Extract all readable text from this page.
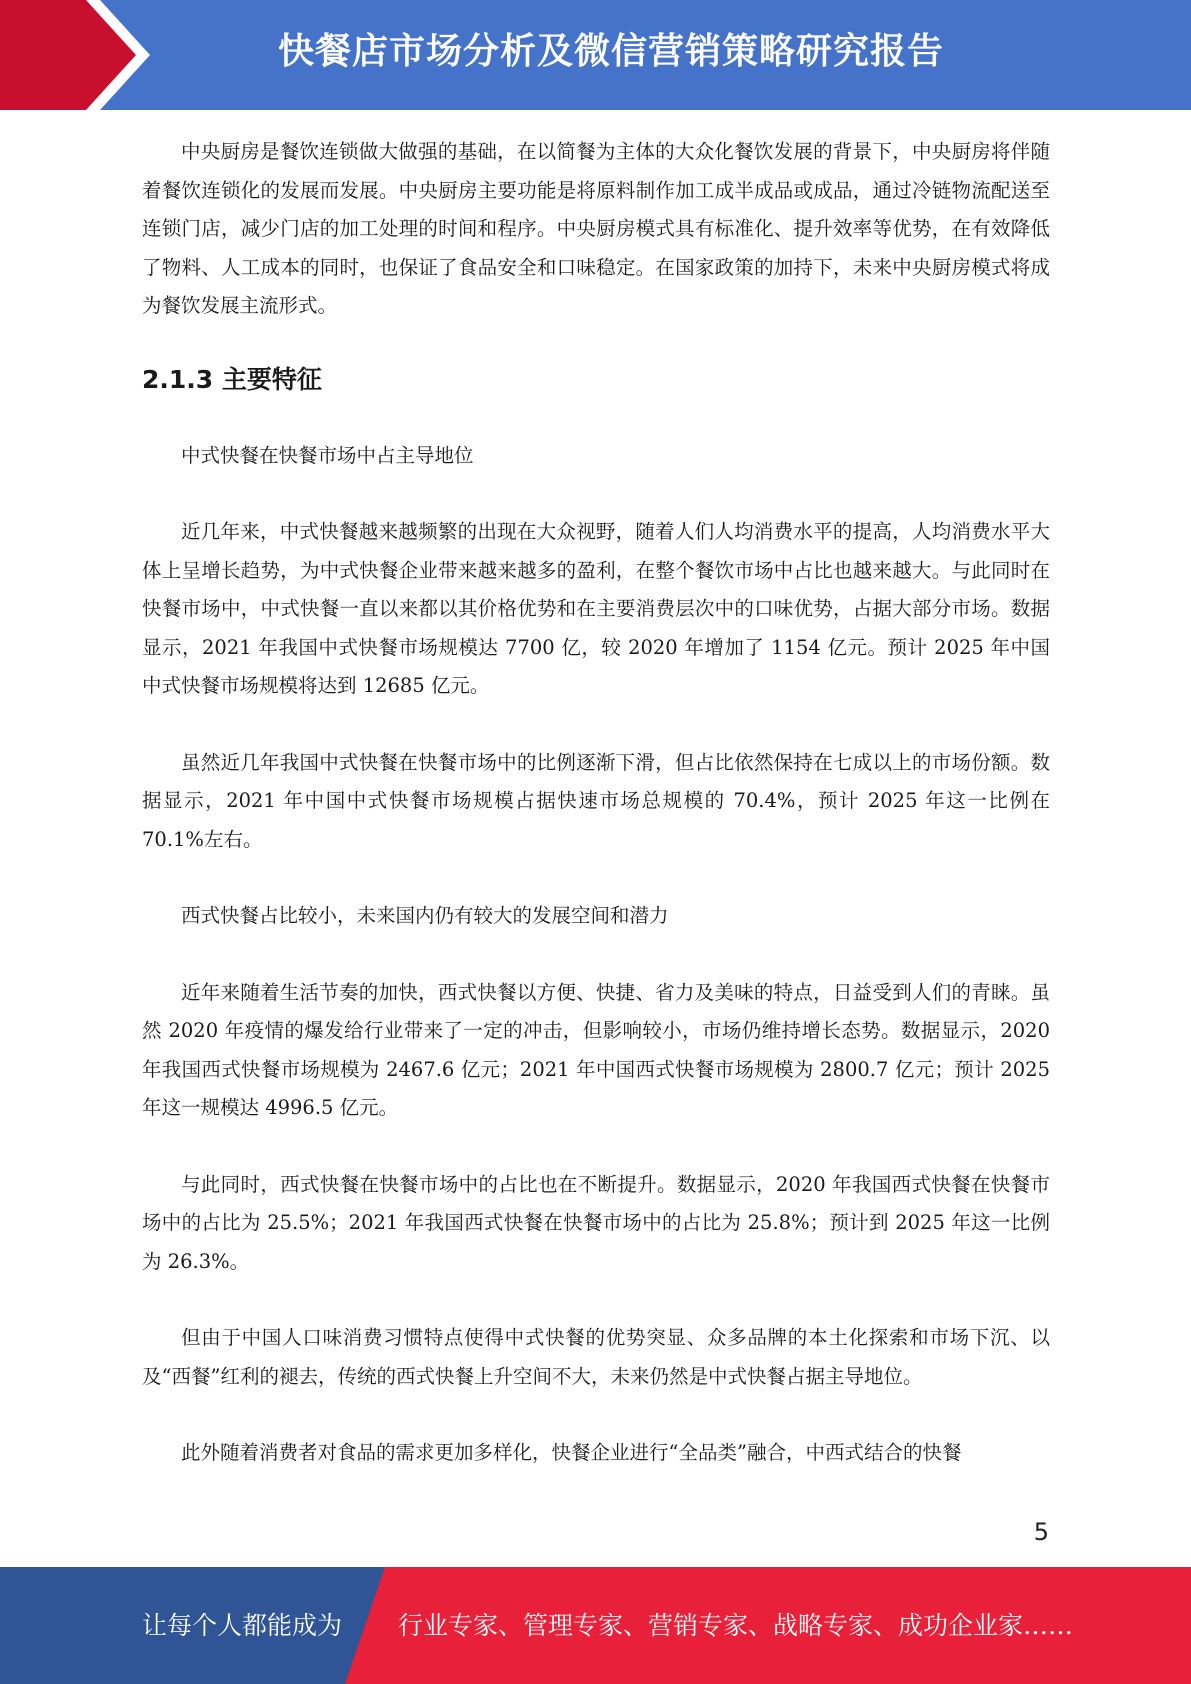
快餐店市场分析及微信营销策略研究报告

中央厨房是餐饮连锁做大做强的基础，在以简餐为主体的大众化餐饮发展的背景下，中央厨房将伴随着餐饮连锁化的发展而发展。中央厨房主要功能是将原料制作加工成半成品或成品，通过冷链物流配送至连锁门店，减少门店的加工处理的时间和程序。中央厨房模式具有标准化、提升效率等优势，在有效降低了物料、人工成本的同时，也保证了食品安全和口味稳定。在国家政策的加持下，未来中央厨房模式将成为餐饮发展主流形式。

2.1.3 主要特征

中式快餐在快餐市场中占主导地位

近几年来，中式快餐越来越频繁的出现在大众视野，随着人们人均消费水平的提高，人均消费水平大体上呈增长趋势，为中式快餐企业带来越来越多的盈利，在整个餐饮市场中占比也越来越大。与此同时在快餐市场中，中式快餐一直以来都以其价格优势和在主要消费层次中的口味优势，占据大部分市场。数据显示，2021 年我国中式快餐市场规模达 7700 亿，较 2020 年增加了 1154 亿元。预计 2025 年中国中式快餐市场规模将达到 12685 亿元。

虽然近几年我国中式快餐在快餐市场中的比例逐渐下滑，但占比依然保持在七成以上的市场份额。数据显示，2021 年中国中式快餐市场规模占据快速市场总规模的 70.4%，预计 2025 年这一比例在 70.1%左右。

西式快餐占比较小，未来国内仍有较大的发展空间和潜力

近年来随着生活节奏的加快，西式快餐以方便、快捷、省力及美味的特点，日益受到人们的青睐。虽然 2020 年疫情的爆发给行业带来了一定的冲击，但影响较小，市场仍维持增长态势。数据显示，2020 年我国西式快餐市场规模为 2467.6 亿元；2021 年中国西式快餐市场规模为 2800.7 亿元；预计 2025 年这一规模达 4996.5 亿元。

与此同时，西式快餐在快餐市场中的占比也在不断提升。数据显示，2020 年我国西式快餐在快餐市场中的占比为 25.5%；2021 年我国西式快餐在快餐市场中的占比为 25.8%；预计到 2025 年这一比例为 26.3%。

但由于中国人口味消费习惯特点使得中式快餐的优势突显、众多品牌的本土化探索和市场下沉、以及“西餐”红利的褪去，传统的西式快餐上升空间不大，未来仍然是中式快餐占据主导地位。

此外随着消费者对食品的需求更加多样化，快餐企业进行“全品类”融合，中西式结合的快餐

5
让每个人都能成为 行业专家、管理专家、营销专家、战略专家、成功企业家……
